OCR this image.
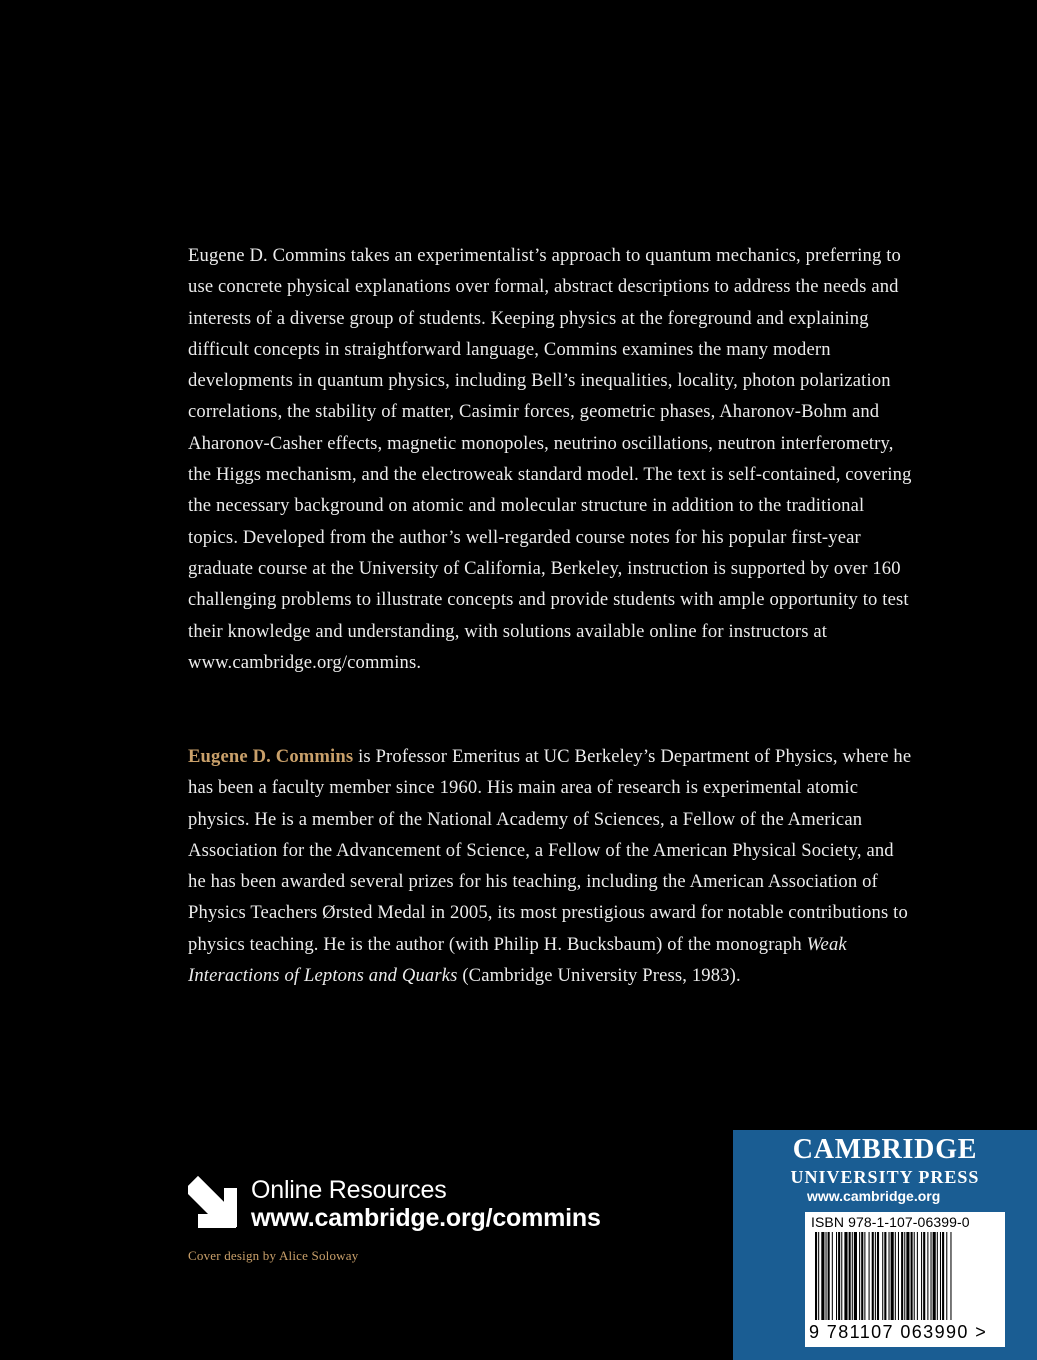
Eugene D. Commins takes an experimentalist’s approach to quantum mechanics, preferring to use concrete physical explanations over formal, abstract descriptions to address the needs and interests of a diverse group of students. Keeping physics at the foreground and explaining difficult concepts in straightforward language, Commins examines the many modern developments in quantum physics, including Bell’s inequalities, locality, photon polarization correlations, the stability of matter, Casimir forces, geometric phases, Aharonov-Bohm and Aharonov-Casher effects, magnetic monopoles, neutrino oscillations, neutron interferometry, the Higgs mechanism, and the electroweak standard model. The text is self-contained, covering the necessary background on atomic and molecular structure in addition to the traditional topics. Developed from the author’s well-regarded course notes for his popular first-year graduate course at the University of California, Berkeley, instruction is supported by over 160 challenging problems to illustrate concepts and provide students with ample opportunity to test their knowledge and understanding, with solutions available online for instructors at www.cambridge.org/commins.

Eugene D. Commins is Professor Emeritus at UC Berkeley’s Department of Physics, where he has been a faculty member since 1960. His main area of research is experimental atomic physics. He is a member of the National Academy of Sciences, a Fellow of the American Association for the Advancement of Science, a Fellow of the American Physical Society, and he has been awarded several prizes for his teaching, including the American Association of Physics Teachers Ørsted Medal in 2005, its most prestigious award for notable contributions to physics teaching. He is the author (with Philip H. Bucksbaum) of the monograph Weak Interactions of Leptons and Quarks (Cambridge University Press, 1983).

Online Resources
www.cambridge.org/commins
Cover design by Alice Soloway
CAMBRIDGE
UNIVERSITY PRESS
www.cambridge.org
ISBN 978-1-107-06399-0
9 781107 063990 >
